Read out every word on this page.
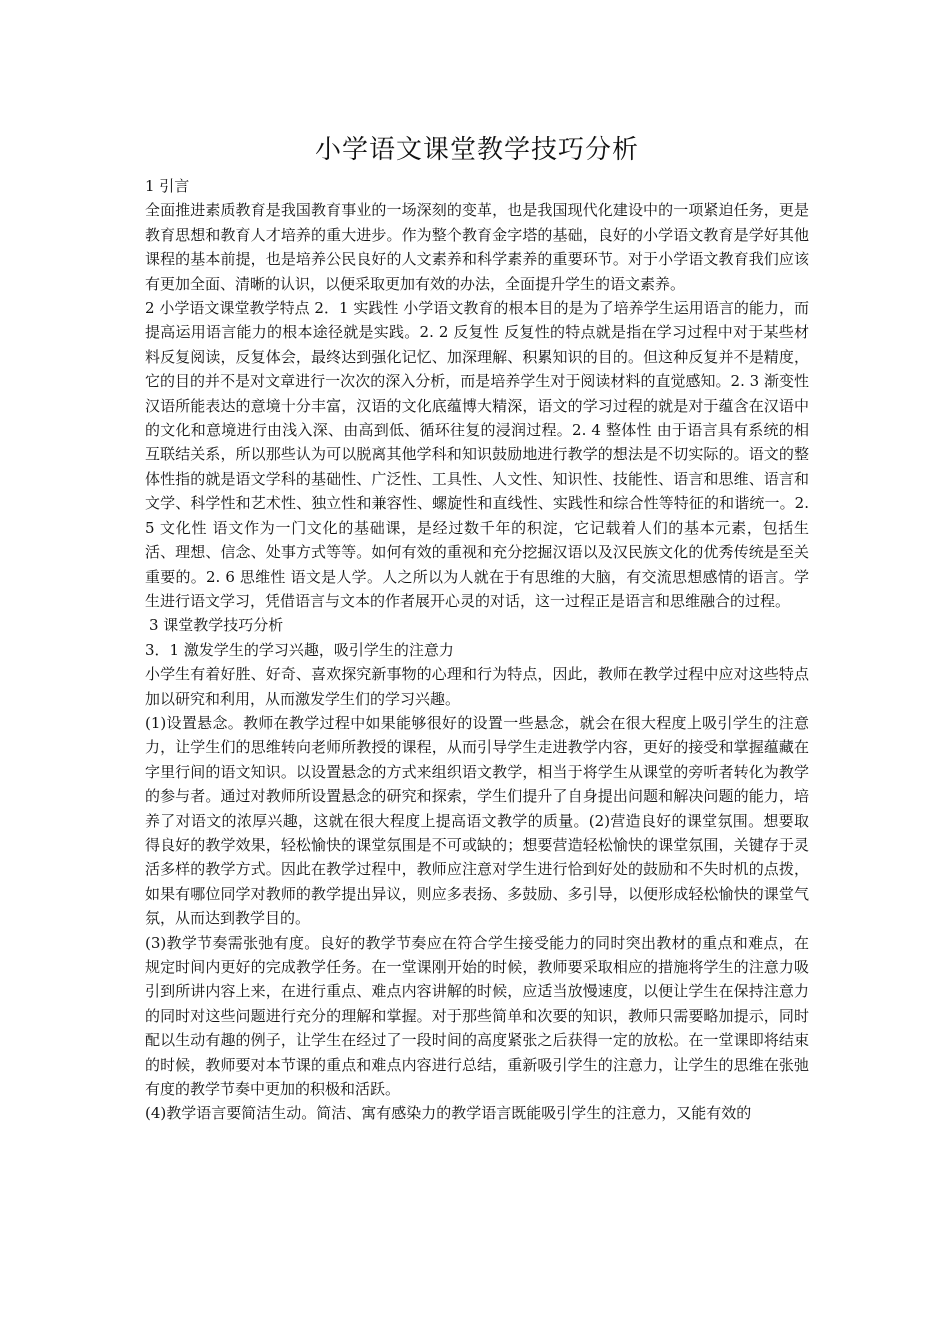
小学语文课堂教学技巧分析

1 引言

全面推进素质教育是我国教育事业的一场深刻的变革，也是我国现代化建设中的一项紧迫任务，更是教育思想和教育人才培养的重大进步。作为整个教育金字塔的基础，良好的小学语文教育是学好其他课程的基本前提，也是培养公民良好的人文素养和科学素养的重要环节。对于小学语文教育我们应该有更加全面、清晰的认识，以便采取更加有效的办法，全面提升学生的语文素养。

2 小学语文课堂教学特点 2．1 实践性 小学语文教育的根本目的是为了培养学生运用语言的能力，而提高运用语言能力的根本途径就是实践。2. 2 反复性 反复性的特点就是指在学习过程中对于某些材料反复阅读，反复体会，最终达到强化记忆、加深理解、积累知识的目的。但这种反复并不是精度，它的目的并不是对文章进行一次次的深入分析，而是培养学生对于阅读材料的直觉感知。2. 3 渐变性 汉语所能表达的意境十分丰富，汉语的文化底蕴博大精深，语文的学习过程的就是对于蕴含在汉语中的文化和意境进行由浅入深、由高到低、循环往复的浸润过程。2. 4 整体性 由于语言具有系统的相互联结关系，所以那些认为可以脱离其他学科和知识鼓励地进行教学的想法是不切实际的。语文的整体性指的就是语文学科的基础性、广泛性、工具性、人文性、知识性、技能性、语言和思维、语言和文学、科学性和艺术性、独立性和兼容性、螺旋性和直线性、实践性和综合性等特征的和谐统一。2. 5 文化性 语文作为一门文化的基础课，是经过数千年的积淀，它记载着人们的基本元素，包括生活、理想、信念、处事方式等等。如何有效的重视和充分挖掘汉语以及汉民族文化的优秀传统是至关重要的。2. 6 思维性 语文是人学。人之所以为人就在于有思维的大脑，有交流思想感情的语言。学生进行语文学习，凭借语言与文本的作者展开心灵的对话，这一过程正是语言和思维融合的过程。

3 课堂教学技巧分析

3．1 激发学生的学习兴趣，吸引学生的注意力

小学生有着好胜、好奇、喜欢探究新事物的心理和行为特点，因此，教师在教学过程中应对这些特点加以研究和利用，从而激发学生们的学习兴趣。

(1)设置悬念。教师在教学过程中如果能够很好的设置一些悬念，就会在很大程度上吸引学生的注意力，让学生们的思维转向老师所教授的课程，从而引导学生走进教学内容，更好的接受和掌握蕴藏在字里行间的语文知识。以设置悬念的方式来组织语文教学，相当于将学生从课堂的旁听者转化为教学的参与者。通过对教师所设置悬念的研究和探索，学生们提升了自身提出问题和解决问题的能力，培养了对语文的浓厚兴趣，这就在很大程度上提高语文教学的质量。(2)营造良好的课堂氛围。想要取得良好的教学效果，轻松愉快的课堂氛围是不可或缺的；想要营造轻松愉快的课堂氛围，关键存于灵活多样的教学方式。因此在教学过程中，教师应注意对学生进行恰到好处的鼓励和不失时机的点拨，如果有哪位同学对教师的教学提出异议，则应多表扬、多鼓励、多引导，以便形成轻松愉快的课堂气氛，从而达到教学目的。

(3)教学节奏需张弛有度。良好的教学节奏应在符合学生接受能力的同时突出教材的重点和难点，在规定时间内更好的完成教学任务。在一堂课刚开始的时候，教师要采取相应的措施将学生的注意力吸引到所讲内容上来，在进行重点、难点内容讲解的时候，应适当放慢速度，以便让学生在保持注意力的同时对这些问题进行充分的理解和掌握。对于那些简单和次要的知识，教师只需要略加提示，同时配以生动有趣的例子，让学生在经过了一段时间的高度紧张之后获得一定的放松。在一堂课即将结束的时候，教师要对本节课的重点和难点内容进行总结，重新吸引学生的注意力，让学生的思维在张弛有度的教学节奏中更加的积极和活跃。

(4)教学语言要简洁生动。简洁、寓有感染力的教学语言既能吸引学生的注意力，又能有效的
